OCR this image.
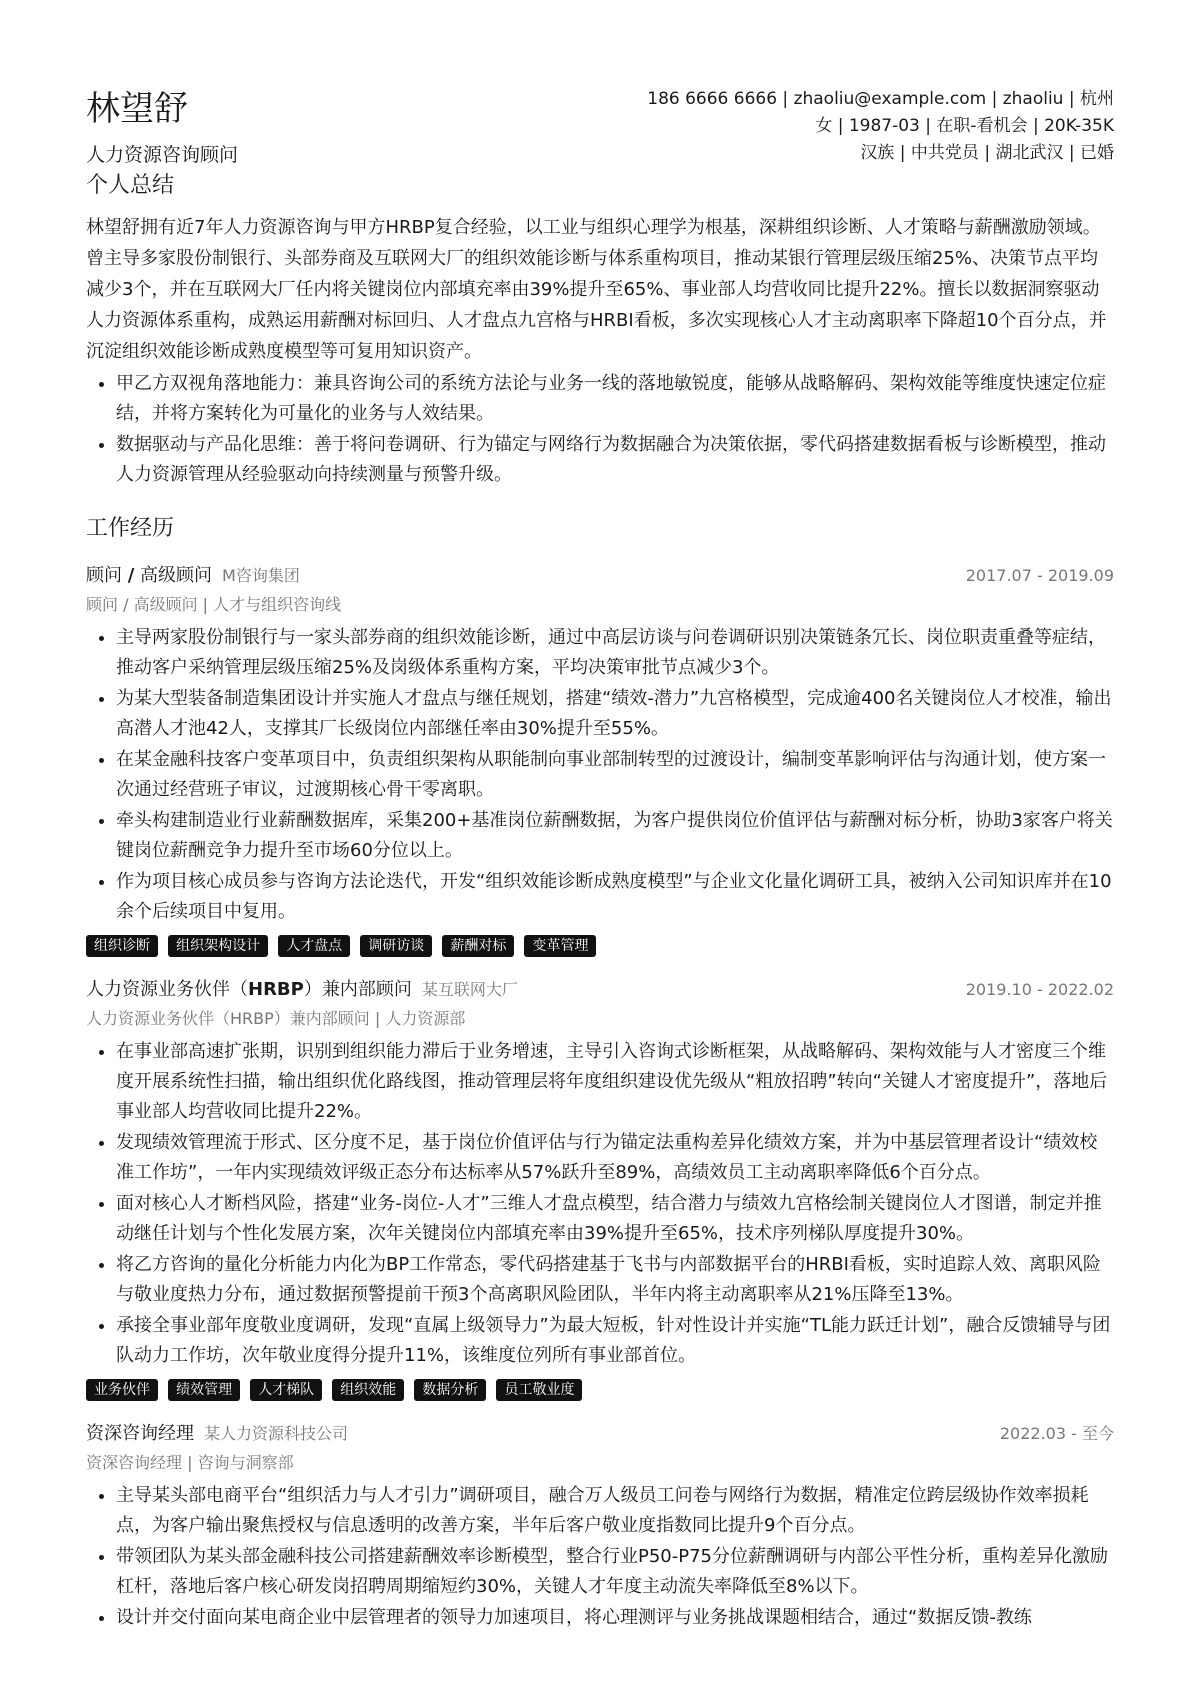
林望舒
人力资源咨询顾问
186 6666 6666 | zhaoliu@example.com | zhaoliu | 杭州
女 | 1987-03 | 在职-看机会 | 20K-35K
汉族 | 中共党员 | 湖北武汉 | 已婚
个人总结

林望舒拥有近7年人力资源咨询与甲方HRBP复合经验，以工业与组织心理学为根基，深耕组织诊断、人才策略与薪酬激励领域。曾主导多家股份制银行、头部券商及互联网大厂的组织效能诊断与体系重构项目，推动某银行管理层级压缩25%、决策节点平均减少3个，并在互联网大厂任内将关键岗位内部填充率由39%提升至65%、事业部人均营收同比提升22%。擅长以数据洞察驱动人力资源体系重构，成熟运用薪酬对标回归、人才盘点九宫格与HRBI看板，多次实现核心人才主动离职率下降超10个百分点，并沉淀组织效能诊断成熟度模型等可复用知识资产。

• 甲乙方双视角落地能力：兼具咨询公司的系统方法论与业务一线的落地敏锐度，能够从战略解码、架构效能等维度快速定位症结，并将方案转化为可量化的业务与人效结果。
• 数据驱动与产品化思维：善于将问卷调研、行为锚定与网络行为数据融合为决策依据，零代码搭建数据看板与诊断模型，推动人力资源管理从经验驱动向持续测量与预警升级。
工作经历
顾问 / 高级顾问 M咨询集团	2017.07 - 2019.09
顾问 / 高级顾问 | 人才与组织咨询线
• 主导两家股份制银行与一家头部券商的组织效能诊断，通过中高层访谈与问卷调研识别决策链条冗长、岗位职责重叠等症结，推动客户采纳管理层级压缩25%及岗级体系重构方案，平均决策审批节点减少3个。
• 为某大型装备制造集团设计并实施人才盘点与继任规划，搭建“绩效-潜力”九宫格模型，完成逾400名关键岗位人才校准，输出高潜人才池42人，支撑其厂长级岗位内部继任率由30%提升至55%。
• 在某金融科技客户变革项目中，负责组织架构从职能制向事业部制转型的过渡设计，编制变革影响评估与沟通计划，使方案一次通过经营班子审议，过渡期核心骨干零离职。
• 牵头构建制造业行业薪酬数据库，采集200+基准岗位薪酬数据，为客户提供岗位价值评估与薪酬对标分析，协助3家客户将关键岗位薪酬竞争力提升至市场60分位以上。
• 作为项目核心成员参与咨询方法论迭代，开发“组织效能诊断成熟度模型”与企业文化量化调研工具，被纳入公司知识库并在10余个后续项目中复用。
组织诊断 组织架构设计 人才盘点 调研访谈 薪酬对标 变革管理
人力资源业务伙伴（HRBP）兼内部顾问 某互联网大厂	2019.10 - 2022.02
人力资源业务伙伴（HRBP）兼内部顾问 | 人力资源部
• 在事业部高速扩张期，识别到组织能力滞后于业务增速，主导引入咨询式诊断框架，从战略解码、架构效能与人才密度三个维度开展系统性扫描，输出组织优化路线图，推动管理层将年度组织建设优先级从“粗放招聘”转向“关键人才密度提升”，落地后事业部人均营收同比提升22%。
• 发现绩效管理流于形式、区分度不足，基于岗位价值评估与行为锚定法重构差异化绩效方案，并为中基层管理者设计“绩效校准工作坊”，一年内实现绩效评级正态分布达标率从57%跃升至89%，高绩效员工主动离职率降低6个百分点。
• 面对核心人才断档风险，搭建“业务-岗位-人才”三维人才盘点模型，结合潜力与绩效九宫格绘制关键岗位人才图谱，制定并推动继任计划与个性化发展方案，次年关键岗位内部填充率由39%提升至65%，技术序列梯队厚度提升30%。
• 将乙方咨询的量化分析能力内化为BP工作常态，零代码搭建基于飞书与内部数据平台的HRBI看板，实时追踪人效、离职风险与敬业度热力分布，通过数据预警提前干预3个高离职风险团队，半年内将主动离职率从21%压降至13%。
• 承接全事业部年度敬业度调研，发现“直属上级领导力”为最大短板，针对性设计并实施“TL能力跃迁计划”，融合反馈辅导与团队动力工作坊，次年敬业度得分提升11%，该维度位列所有事业部首位。
业务伙伴 绩效管理 人才梯队 组织效能 数据分析 员工敬业度
资深咨询经理 某人力资源科技公司	2022.03 - 至今
资深咨询经理 | 咨询与洞察部
• 主导某头部电商平台“组织活力与人才引力”调研项目，融合万人级员工问卷与网络行为数据，精准定位跨层级协作效率损耗点，为客户输出聚焦授权与信息透明的改善方案，半年后客户敬业度指数同比提升9个百分点。
• 带领团队为某头部金融科技公司搭建薪酬效率诊断模型，整合行业P50-P75分位薪酬调研与内部公平性分析，重构差异化激励杠杆，落地后客户核心研发岗招聘周期缩短约30%，关键人才年度主动流失率降低至8%以下。
• 设计并交付面向某电商企业中层管理者的领导力加速项目，将心理测评与业务挑战课题相结合，通过“数据反馈-教练
